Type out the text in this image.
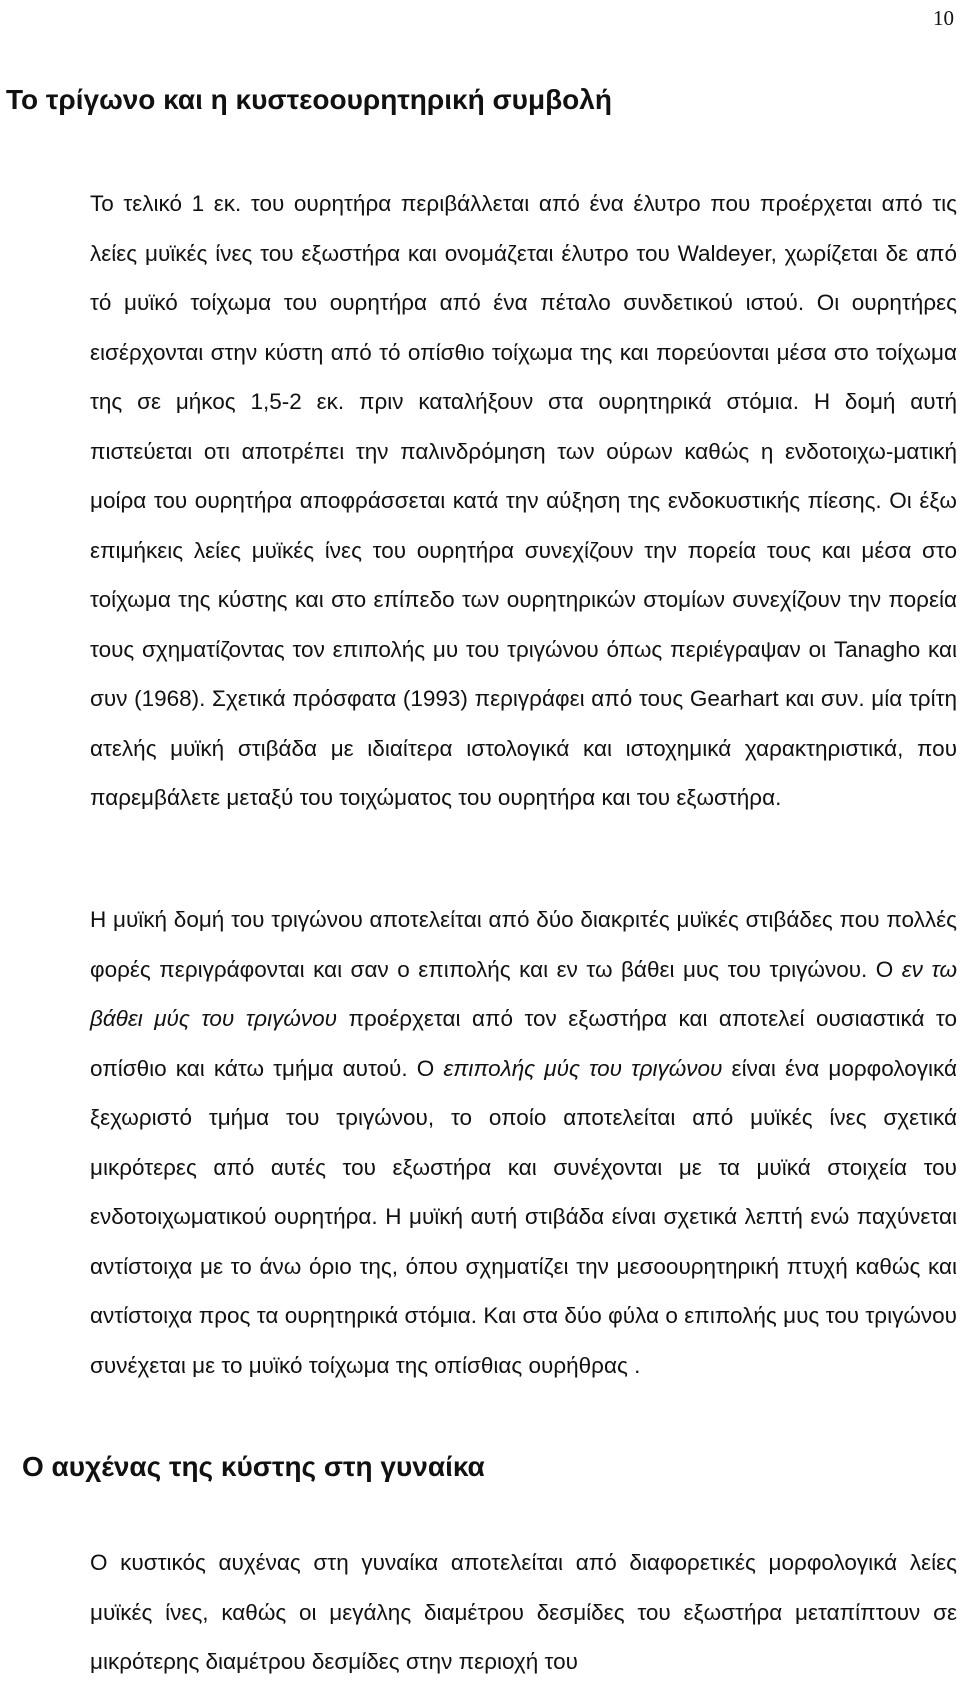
10
Το τρίγωνο και η κυστεοουρητηρική συμβολή

Το τελικό 1 εκ. του ουρητήρα περιβάλλεται από ένα έλυτρο που προέρχεται από τις λείες μυϊκές ίνες του εξωστήρα και ονομάζεται έλυτρο του Waldeyer, χωρίζεται δε από τό μυϊκό τοίχωμα του ουρητήρα από ένα πέταλο συνδετικού ιστού. Οι ουρητήρες εισέρχονται στην κύστη από τό οπίσθιο τοίχωμα της και πορεύονται μέσα στο τοίχωμα της σε μήκος 1,5-2 εκ. πριν καταλήξουν στα ουρητηρικά στόμια. Η δομή αυτή πιστεύεται οτι αποτρέπει την παλινδρόμηση των ούρων καθώς η ενδοτοιχω-ματική μοίρα του ουρητήρα αποφράσσεται κατά την αύξηση της ενδοκυστικής πίεσης. Οι έξω επιμήκεις λείες μυϊκές ίνες του ουρητήρα συνεχίζουν την πορεία τους και μέσα στο τοίχωμα της κύστης και στο επίπεδο των ουρητηρικών στομίων συνεχίζουν την πορεία τους σχηματίζοντας τον επιπολής μυ του τριγώνου όπως περιέγραψαν οι Tanagho και συν (1968). Σχετικά πρόσφατα (1993) περιγράφει από τους Gearhart και συν. μία τρίτη ατελής μυϊκή στιβάδα με ιδιαίτερα ιστολογικά και ιστοχημικά χαρακτηριστικά, που παρεμβάλετε μεταξύ του τοιχώματος του ουρητήρα και του εξωστήρα.

Η μυϊκή δομή του τριγώνου αποτελείται από δύο διακριτές μυϊκές στιβάδες που πολλές φορές περιγράφονται και σαν ο επιπολής και εν τω βάθει μυς του τριγώνου. Ο εν τω βάθει μύς του τριγώνου προέρχεται από τον εξωστήρα και αποτελεί ουσιαστικά το οπίσθιο και κάτω τμήμα αυτού. Ο επιπολής μύς του τριγώνου είναι ένα μορφολογικά ξεχωριστό τμήμα του τριγώνου, το οποίο αποτελείται από μυϊκές ίνες σχετικά μικρότερες από αυτές του εξωστήρα και συνέχονται με τα μυϊκά στοιχεία του ενδοτοιχωματικού ουρητήρα. Η μυϊκή αυτή στιβάδα είναι σχετικά λεπτή ενώ παχύνεται αντίστοιχα με το άνω όριο της, όπου σχηματίζει την μεσοουρητηρική πτυχή καθώς και αντίστοιχα προς τα ουρητηρικά στόμια. Και στα δύο φύλα ο επιπολής μυς του τριγώνου συνέχεται με το μυϊκό τοίχωμα της οπίσθιας ουρήθρας .

Ο αυχένας της κύστης στη γυναίκα

Ο κυστικός αυχένας στη γυναίκα αποτελείται από διαφορετικές μορφολογικά λείες μυϊκές ίνες, καθώς οι μεγάλης διαμέτρου δεσμίδες του εξωστήρα μεταπίπτουν σε μικρότερης διαμέτρου δεσμίδες στην περιοχή του
